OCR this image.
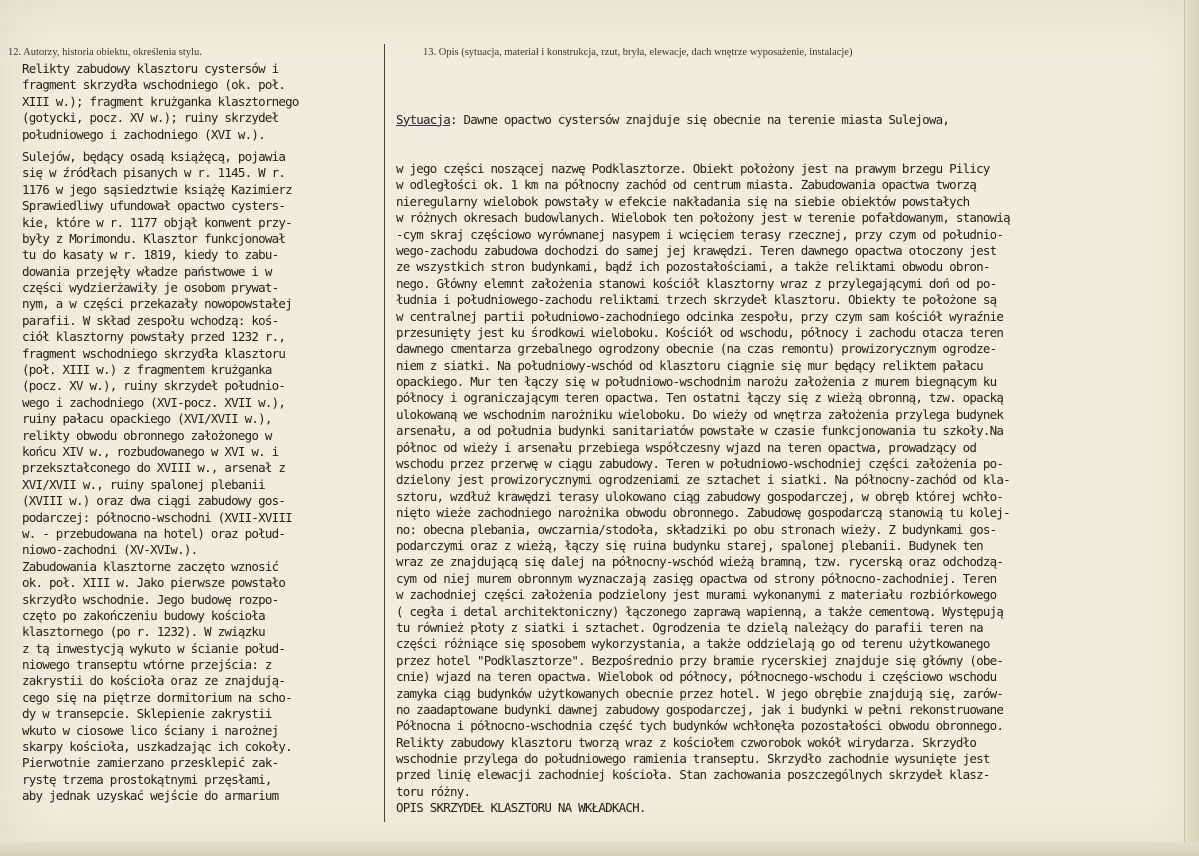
12. Autorzy, historia obiektu, określenia stylu.	13. Opis (sytuacja, materiał i konstrukcja, rzut, bryła, elewacje, dach wnętrze wyposażenie, instalacje)
Relikty zabudowy klasztoru cystersów i
fragment skrzydła wschodniego (ok. poł.
XIII w.); fragment krużganka klasztornego
(gotycki, pocz. XV w.); ruiny skrzydeł
południowego i zachodniego (XVI w.).
Sulejów, będący osadą książęcą, pojawia
się w źródłach pisanych w r. 1145. W r.
1176 w jego sąsiedztwie książę Kazimierz
Sprawiedliwy ufundował opactwo cysters-
kie, które w r. 1177 objął konwent przy-
były z Morimondu. Klasztor funkcjonował
tu do kasaty w r. 1819, kiedy to zabu-
dowania przejęły władze państwowe i w
części wydzierżawiły je osobom prywat-
nym, a w części przekazały nowopowstałej
parafii. W skład zespołu wchodzą: koś-
ciół klasztorny powstały przed 1232 r.,
fragment wschodniego skrzydła klasztoru
(poł. XIII w.) z fragmentem krużganka
(pocz. XV w.), ruiny skrzydeł południo-
wego i zachodniego (XVI-pocz. XVII w.),
ruiny pałacu opackiego (XVI/XVII w.),
relikty obwodu obronnego założonego w
końcu XIV w., rozbudowanego w XVI w. i
przekształconego do XVIII w., arsenał z
XVI/XVII w., ruiny spalonej plebanii
(XVIII w.) oraz dwa ciągi zabudowy gos-
podarczej: północno-wschodni (XVII-XVIII
w. - przebudowana na hotel) oraz połud-
niowo-zachodni (XV-XVIw.).
Zabudowania klasztorne zaczęto wznosić
ok. poł. XIII w. Jako pierwsze powstało
skrzydło wschodnie. Jego budowę rozpo-
częto po zakończeniu budowy kościoła
klasztornego (po r. 1232). W związku
z tą inwestycją wykuto w ścianie połud-
niowego transeptu wtórne przejścia: z
zakrystii do kościoła oraz ze znajdują-
cego się na piętrze dormitorium na scho-
dy w transepcie. Sklepienie zakrystii
wkuto w ciosowe lico ściany i narożnej
skarpy kościoła, uszkadzając ich cokoły.
Pierwotnie zamierzano przesklepić zak-
rystę trzema prostokątnymi przęsłami,
aby jednak uzyskać wejście do armarium

Sytuacja: Dawne opactwo cystersów znajduje się obecnie na terenie miasta Sulejowa,

w jego części noszącej nazwę Podklasztorze. Obiekt położony jest na prawym brzegu Pilicy
w odległości ok. 1 km na północny zachód od centrum miasta. Zabudowania opactwa tworzą
nieregularny wielobok powstały w efekcie nakładania się na siebie obiektów powstałych
w różnych okresach budowlanych. Wielobok ten położony jest w terenie pofałdowanym, stanowią
-cym skraj częściowo wyrównanej nasypem i wcięciem terasy rzecznej, przy czym od południo-
wego-zachodu zabudowa dochodzi do samej jej krawędzi. Teren dawnego opactwa otoczony jest
ze wszystkich stron budynkami, bądź ich pozostałościami, a także reliktami obwodu obron-
nego. Główny elemnt założenia stanowi kościół klasztorny wraz z przylegającymi doń od po-
łudnia i południowego-zachodu reliktami trzech skrzydeł klasztoru. Obiekty te położone są
w centralnej partii południowo-zachodniego odcinka zespołu, przy czym sam kościół wyraźnie
przesunięty jest ku środkowi wieloboku. Kościół od wschodu, północy i zachodu otacza teren
dawnego cmentarza grzebalnego ogrodzony obecnie (na czas remontu) prowizorycznym ogrodze-
niem z siatki. Na południowy-wschód od klasztoru ciągnie się mur będący reliktem pałacu
opackiego. Mur ten łączy się w południowo-wschodnim narożu założenia z murem biegnącym ku
północy i ograniczającym teren opactwa. Ten ostatni łączy się z wieżą obronną, tzw. opacką
ulokowaną we wschodnim narożniku wieloboku. Do wieży od wnętrza założenia przylega budynek
arsenału, a od południa budynki sanitariatów powstałe w czasie funkcjonowania tu szkoły.Na
północ od wieży i arsenału przebiega współczesny wjazd na teren opactwa, prowadzący od
wschodu przez przerwę w ciągu zabudowy. Teren w południowo-wschodniej części założenia po-
dzielony jest prowizorycznymi ogrodzeniami ze sztachet i siatki. Na północny-zachód od kla-
sztoru, wzdłuż krawędzi terasy ulokowano ciąg zabudowy gospodarczej, w obręb której wchło-
nięto wieże zachodniego narożnika obwodu obronnego. Zabudowę gospodarczą stanowią tu kolej-
no: obecna plebania, owczarnia/stodoła, składziki po obu stronach wieży. Z budynkami gos-
podarczymi oraz z wieżą, łączy się ruina budynku starej, spalonej plebanii. Budynek ten
wraz ze znajdującą się dalej na północny-wschód wieżą bramną, tzw. rycerską oraz odchodzą-
cym od niej murem obronnym wyznaczają zasięg opactwa od strony północno-zachodniej. Teren
w zachodniej części założenia podzielony jest murami wykonanymi z materiału rozbiórkowego
( cegła i detal architektoniczny) łączonego zaprawą wapienną, a także cementową. Występują
tu również płoty z siatki i sztachet. Ogrodzenia te dzielą należący do parafii teren na
części różniące się sposobem wykorzystania, a także oddzielają go od terenu użytkowanego
przez hotel "Podklasztorze". Bezpośrednio przy bramie rycerskiej znajduje się główny (obe-
cnie) wjazd na teren opactwa. Wielobok od północy, północnego-wschodu i częściowo wschodu
zamyka ciąg budynków użytkowanych obecnie przez hotel. W jego obrębie znajdują się, zarów-
no zaadaptowane budynki dawnej zabudowy gospodarczej, jak i budynki w pełni rekonstruowane
Północna i północno-wschodnia część tych budynków wchłonęła pozostałości obwodu obronnego.
Relikty zabudowy klasztoru tworzą wraz z kościołem czworobok wokół wirydarza. Skrzydło
wschodnie przylega do południowego ramienia transeptu. Skrzydło zachodnie wysunięte jest
przed linię elewacji zachodniej kościoła. Stan zachowania poszczególnych skrzydeł klasz-
toru różny.
OPIS SKRZYDEŁ KLASZTORU NA WKŁADKACH.
